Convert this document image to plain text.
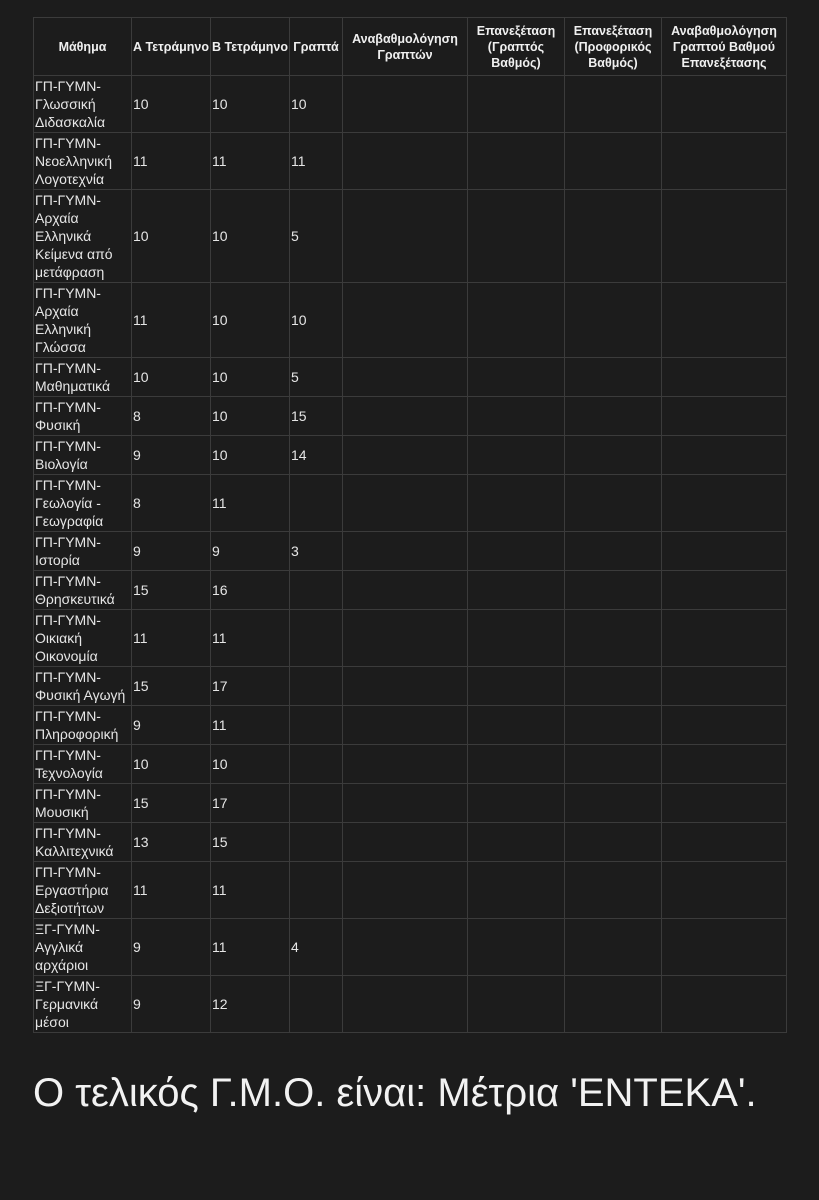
Μάθημα	Α Τετράμηνο	Β Τετράμηνο	Γραπτά	Αναβαθμολόγηση Γραπτών	Επανεξέταση (Γραπτός Βαθμός)	Επανεξέταση (Προφορικός Βαθμός)	Αναβαθμολόγηση Γραπτού Βαθμού Επανεξέτασης
ΓΠ-ΓΥΜΝ-Γλωσσική Διδασκαλία	10	10	10				
ΓΠ-ΓΥΜΝ-Νεοελληνική Λογοτεχνία	11	11	11				
ΓΠ-ΓΥΜΝ-Αρχαία Ελληνικά Κείμενα από μετάφραση	10	10	5				
ΓΠ-ΓΥΜΝ-Αρχαία Ελληνική Γλώσσα	11	10	10				
ΓΠ-ΓΥΜΝ-Μαθηματικά	10	10	5				
ΓΠ-ΓΥΜΝ-Φυσική	8	10	15				
ΓΠ-ΓΥΜΝ-Βιολογία	9	10	14				
ΓΠ-ΓΥΜΝ-Γεωλογία - Γεωγραφία	8	11					
ΓΠ-ΓΥΜΝ-Ιστορία	9	9	3				
ΓΠ-ΓΥΜΝ-Θρησκευτικά	15	16					
ΓΠ-ΓΥΜΝ-Οικιακή Οικονομία	11	11					
ΓΠ-ΓΥΜΝ-Φυσική Αγωγή	15	17					
ΓΠ-ΓΥΜΝ-Πληροφορική	9	11					
ΓΠ-ΓΥΜΝ-Τεχνολογία	10	10					
ΓΠ-ΓΥΜΝ-Μουσική	15	17					
ΓΠ-ΓΥΜΝ-Καλλιτεχνικά	13	15					
ΓΠ-ΓΥΜΝ-Εργαστήρια Δεξιοτήτων	11	11					
ΞΓ-ΓΥΜΝ-Αγγλικά αρχάριοι	9	11	4				
ΞΓ-ΓΥΜΝ-Γερμανικά μέσοι	9	12					
Ο τελικός Γ.Μ.Ο. είναι: Μέτρια 'ΕΝΤΕΚΑ'.
